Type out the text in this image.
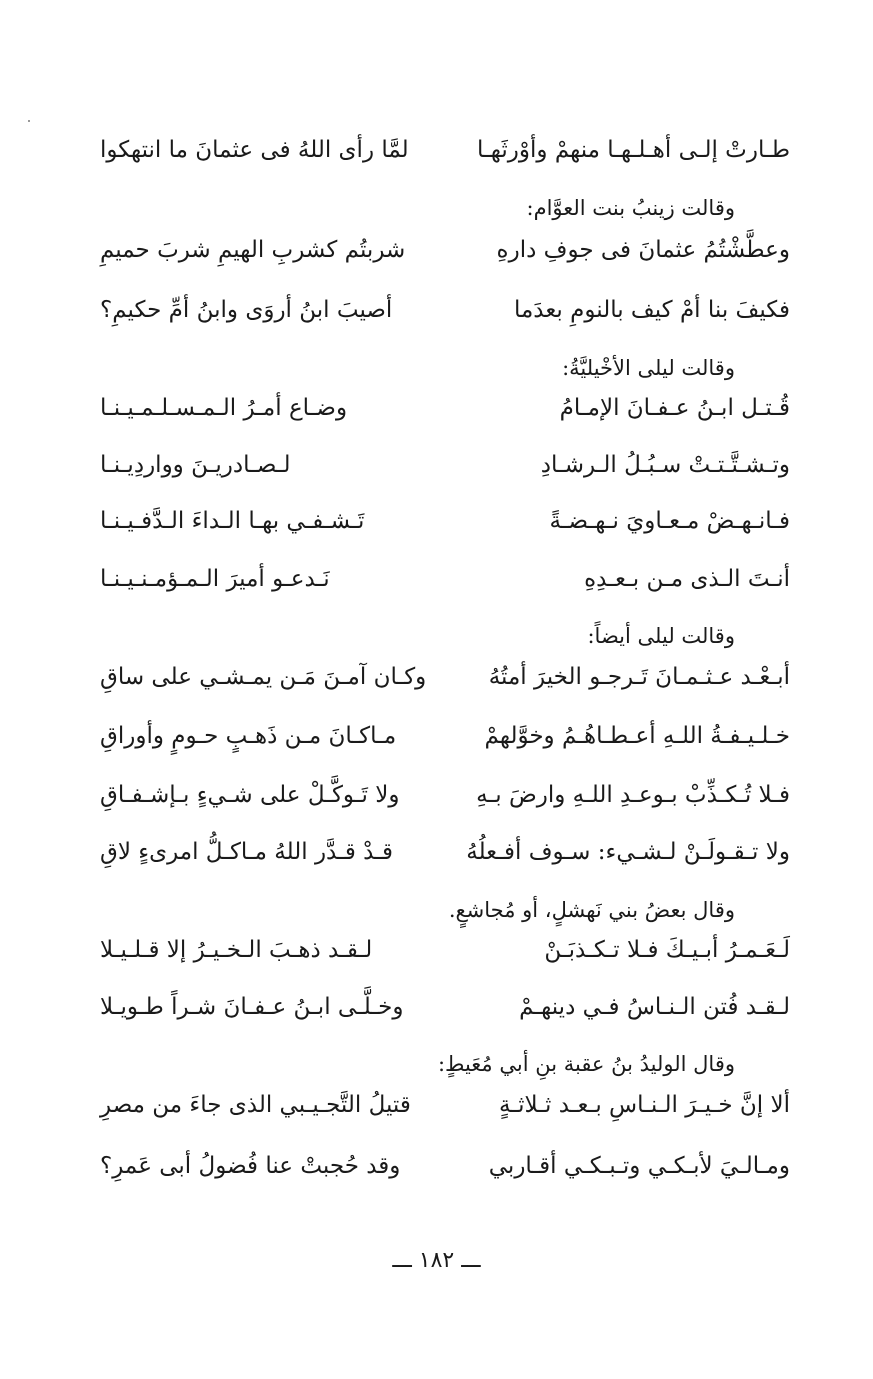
طـارتْ إلـى أهـلـهـا منهمْ وأوْرثَهـا
لمَّا رأى اللهُ فى عثمانَ ما انتهكوا
وقالت زينبُ بنت العوَّام:
وعطَّشْتُمُ عثمانَ فى جوفِ دارهِ
شربتُم كشربِ الهيمِ شربَ حميمِ
فكيفَ بنا أمْ كيف بالنومِ بعدَما
أصيبَ ابنُ أروَى وابنُ أمِّ حكيمِ؟
وقالت ليلى الأخْيليَّةُ:
قُـتـل ابـنُ عـفـانَ الإمـامُ
وضـاع أمـرُ الـمـسـلـمـيـنـا
وتـشـتَّـتـتْ سـبُـلُ الـرشـادِ
لـصـادريـنَ وواردِيـنـا
فـانـهـضْ مـعـاويَ نـهـضـةً
تَـشـفـي بهـا الـداءَ الـدَّفـيـنـا
أنـتَ الـذى مـن بـعـدِهِ
نَـدعـو أميرَ الـمـؤمـنـيـنـا
وقالت ليلى أيضاً:
أبـعْـد عـثـمـانَ تَـرجـو الخيرَ أمتُهُ
وكـان آمـنَ مَـن يمـشـي على ساقِ
خـلـيـفـةُ اللـهِ أعـطـاهُـمُ وخوَّلهمْ
مـاكـانَ مـن ذَهـبٍ حـومٍ وأوراقِ
فـلا تُـكـذِّبْ بـوعـدِ اللـهِ وارضَ بـهِ
ولا تَـوكَّـلْ على شـيءٍ بـإشـفـاقِ
ولا تـقـولَـنْ لـشـيء: سـوف أفـعلُهُ
قـدْ قـدَّر اللهُ مـاكـلُّ امرىءٍ لاقِ
وقال بعضُ بني نَهشلٍ، أو مُجاشعٍ.
لَـعَـمـرُ أبـيـكَ فـلا تـكـذبَـنْ
لـقـد ذهـبَ الـخـيـرُ إلا قـلـيـلا
لـقـد فُتن الـنـاسُ فـي دينهـمْ
وخـلَّـى ابـنُ عـفـانَ شـراً طـويـلا
وقال الوليدُ بنُ عقبة بنِ أبي مُعَيطٍ:
ألا إنَّ خـيـرَ الـنـاسِ بـعـد ثـلاثـةٍ
قتيلُ التَّجـيـبي الذى جاءَ من مصرِ
ومـالـيَ لأبـكـي وتـبـكـي أقـاربي
وقد حُجبتْ عنا فُضولُ أبى عَمرِ؟
ـــ ١٨٢ ـــ
